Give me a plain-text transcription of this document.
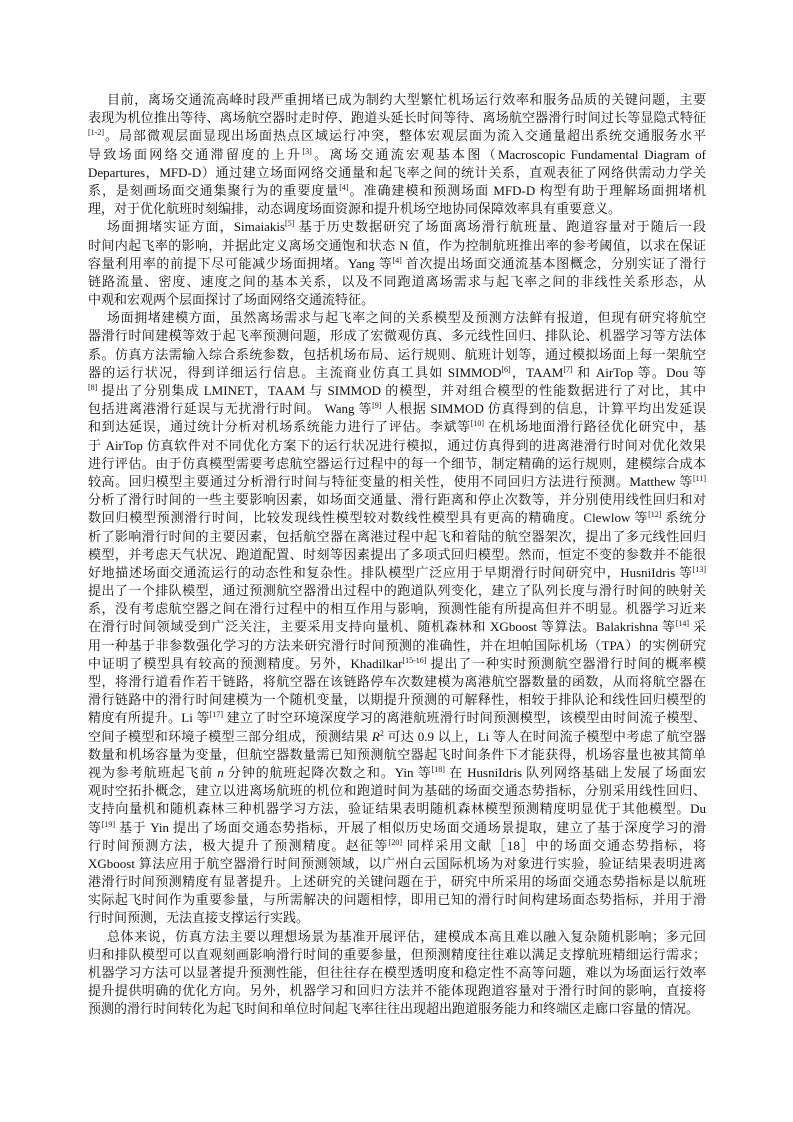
目前，离场交通流高峰时段严重拥堵已成为制约大型繁忙机场运行效率和服务品质的关键问题，主要
表现为机位推出等待、离场航空器时走时停、跑道头延长时间等待、离场航空器滑行时间过长等显隐式特征
[1-2]。局部微观层面显现出场面热点区域运行冲突，整体宏观层面为流入交通量超出系统交通服务水平
导致场面网络交通滞留度的上升[3]。离场交通流宏观基本图（Macroscopic Fundamental Diagram of
Departures，MFD-D）通过建立场面网络交通量和起飞率之间的统计关系，直观表征了网络供需动力学关
系，是刻画场面交通集聚行为的重要度量[4]。准确建模和预测场面 MFD-D 构型有助于理解场面拥堵机
理，对于优化航班时刻编排，动态调度场面资源和提升机场空地协同保障效率具有重要意义。
场面拥堵实证方面，Simaiakis[5] 基于历史数据研究了场面离场滑行航班量、跑道容量对于随后一段
时间内起飞率的影响，并据此定义离场交通饱和状态 N 值，作为控制航班推出率的参考阈值，以求在保证
容量利用率的前提下尽可能减少场面拥堵。Yang 等[4] 首次提出场面交通流基本图概念，分别实证了滑行
链路流量、密度、速度之间的基本关系，以及不同跑道离场需求与起飞率之间的非线性关系形态，从
中观和宏观两个层面探讨了场面网络交通流特征。
场面拥堵建模方面，虽然离场需求与起飞率之间的关系模型及预测方法鲜有报道，但现有研究将航空
器滑行时间建模等效于起飞率预测问题，形成了宏微观仿真、多元线性回归、排队论、机器学习等方法体
系。仿真方法需输入综合系统参数，包括机场布局、运行规则、航班计划等，通过模拟场面上每一架航空
器的运行状况，得到详细运行信息。主流商业仿真工具如 SIMMOD[6]，TAAM[7] 和 AirTop 等。Dou 等
[8] 提出了分别集成 LMINET，TAAM 与 SIMMOD 的模型，并对组合模型的性能数据进行了对比，其中
包括进离港滑行延误与无扰滑行时间。 Wang 等[9] 人根据 SIMMOD 仿真得到的信息，计算平均出发延误
和到达延误，通过统计分析对机场系统能力进行了评估。李斌等[10] 在机场地面滑行路径优化研究中，基
于 AirTop 仿真软件对不同优化方案下的运行状况进行模拟，通过仿真得到的进离港滑行时间对优化效果
进行评估。由于仿真模型需要考虑航空器运行过程中的每一个细节，制定精确的运行规则，建模综合成本
较高。回归模型主要通过分析滑行时间与特征变量的相关性，使用不同回归方法进行预测。Matthew 等[11]
分析了滑行时间的一些主要影响因素，如场面交通量、滑行距离和停止次数等，并分别使用线性回归和对
数回归模型预测滑行时间，比较发现线性模型较对数线性模型具有更高的精确度。Clewlow 等[12] 系统分
析了影响滑行时间的主要因素，包括航空器在离港过程中起飞和着陆的航空器架次，提出了多元线性回归
模型，并考虑天气状况、跑道配置、时刻等因素提出了多项式回归模型。然而，恒定不变的参数并不能很
好地描述场面交通流运行的动态性和复杂性。排队模型广泛应用于早期滑行时间研究中，HusniIdris 等[13]
提出了一个排队模型，通过预测航空器滑出过程中的跑道队列变化，建立了队列长度与滑行时间的映射关
系，没有考虑航空器之间在滑行过程中的相互作用与影响，预测性能有所提高但并不明显。机器学习近来
在滑行时间领域受到广泛关注，主要采用支持向量机、随机森林和 XGboost 等算法。Balakrishna 等[14] 采
用一种基于非参数强化学习的方法来研究滑行时间预测的准确性，并在坦帕国际机场（TPA）的实例研究
中证明了模型具有较高的预测精度。另外，Khadilkar[15-16] 提出了一种实时预测航空器滑行时间的概率模
型，将滑行道看作若干链路，将航空器在该链路停车次数建模为离港航空器数量的函数，从而将航空器在
滑行链路中的滑行时间建模为一个随机变量，以期提升预测的可解释性，相较于排队论和线性回归模型的
精度有所提升。Li 等[17] 建立了时空环境深度学习的离港航班滑行时间预测模型，该模型由时间流子模型、
空间子模型和环境子模型三部分组成，预测结果 $R^2$ 可达 0.9 以上，Li 等人在时间流子模型中考虑了航空器
数量和机场容量为变量，但航空器数量需已知预测航空器起飞时间条件下才能获得，机场容量也被其简单
视为参考航班起飞前 n 分钟的航班起降次数之和。Yin 等[18] 在 HusniIdris 队列网络基础上发展了场面宏
观时空拓扑概念，建立以进离场航班的机位和跑道时间为基础的场面交通态势指标，分别采用线性回归、
支持向量机和随机森林三种机器学习方法，验证结果表明随机森林模型预测精度明显优于其他模型。Du
等[19] 基于 Yin 提出了场面交通态势指标，开展了相似历史场面交通场景提取，建立了基于深度学习的滑
行时间预测方法，极大提升了预测精度。赵征等[20] 同样采用文献［18］中的场面交通态势指标，将
XGboost 算法应用于航空器滑行时间预测领域，以广州白云国际机场为对象进行实验，验证结果表明进离
港滑行时间预测精度有显著提升。上述研究的关键问题在于，研究中所采用的场面交通态势指标是以航班
实际起飞时间作为重要参量，与所需解决的问题相悖，即用已知的滑行时间构建场面态势指标，并用于滑
行时间预测，无法直接支撑运行实践。
总体来说，仿真方法主要以理想场景为基准开展评估，建模成本高且难以融入复杂随机影响；多元回
归和排队模型可以直观刻画影响滑行时间的重要参量，但预测精度往往难以满足支撑航班精细运行需求；
机器学习方法可以显著提升预测性能，但往往存在模型透明度和稳定性不高等问题，难以为场面运行效率
提升提供明确的优化方向。另外，机器学习和回归方法并不能体现跑道容量对于滑行时间的影响，直接将
预测的滑行时间转化为起飞时间和单位时间起飞率往往出现超出跑道服务能力和终端区走廊口容量的情况。
